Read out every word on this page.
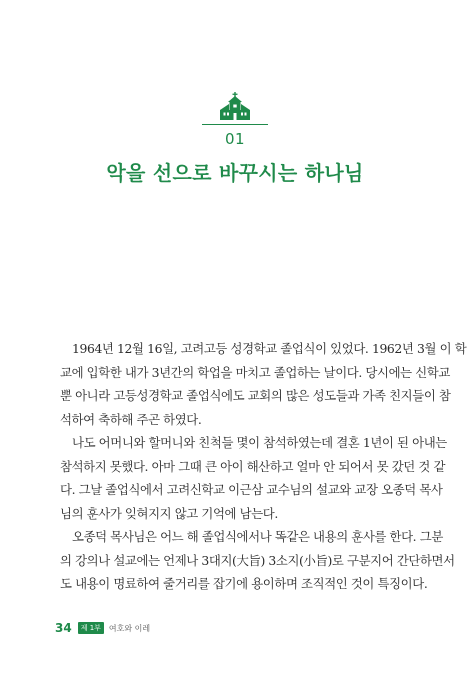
01
악을 선으로 바꾸시는 하나님

1964년 12월 16일, 고려고등 성경학교 졸업식이 있었다. 1962년 3월 이 학
교에 입학한 내가 3년간의 학업을 마치고 졸업하는 날이다. 당시에는 신학교
뿐 아니라 고등성경학교 졸업식에도 교회의 많은 성도들과 가족 친지들이 참
석하여 축하해 주곤 하였다.

나도 어머니와 할머니와 친척들 몇이 참석하였는데 결혼 1년이 된 아내는
참석하지 못했다. 아마 그때 큰 아이 해산하고 얼마 안 되어서 못 갔던 것 같
다. 그날 졸업식에서 고려신학교 이근삼 교수님의 설교와 교장 오종덕 목사
님의 훈사가 잊혀지지 않고 기억에 남는다.

오종덕 목사님은 어느 해 졸업식에서나 똑같은 내용의 훈사를 한다. 그분
의 강의나 설교에는 언제나 3대지(大旨) 3소지(小旨)로 구분지어 간단하면서
도 내용이 명료하여 줄거리를 잡기에 용이하며 조직적인 것이 특징이다.

34	제 1부	여호와 이레
